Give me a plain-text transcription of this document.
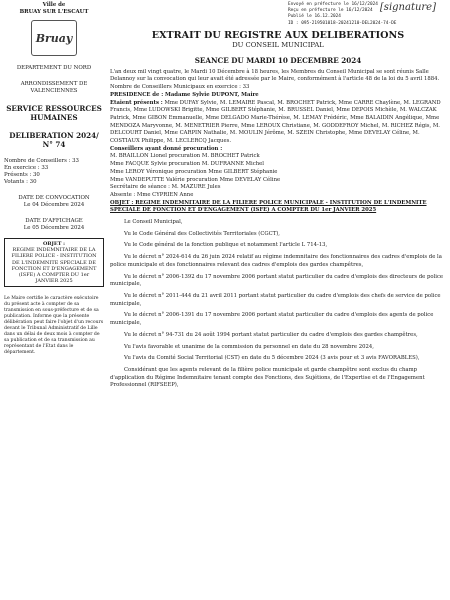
Envoyé en préfecture le 16/12/2024
Reçu en préfecture le 16/12/2024
Publié le 16.12.2024
ID : 095-219501018-20241210-DEL2024-74-DE
[signature]
Ville de
BRUAY SUR L'ESCAUT
Bruay
DEPARTEMENT DU NORD
ARRONDISSEMENT DE VALENCIENNES
SERVICE RESSOURCES HUMAINES
DELIBERATION 2024/
N° 74
Nombre de Conseillers : 33
En exercice : 33
Présents : 30
Votants : 30
DATE DE CONVOCATION
Le 04 Décembre 2024
DATE D'AFFICHAGE
Le 05 Décembre 2024
OBJET :
REGIME INDEMNITAIRE DE LA FILIERE POLICE - INSTITUTION DE L'INDEMNITE SPECIALE DE FONCTION ET D'ENGAGEMENT (ISFE) A COMPTER DU 1er JANVIER 2025
Le Maire certifie le caractère exécutoire du présent acte à compter de sa transmission en sous-préfecture et de sa publication. Informe que la présente délibération peut faire l'objet d'un recours devant le Tribunal Administratif de Lille dans un délai de deux mois à compter de sa publication et de sa transmission au représentant de l'Etat dans le département.
EXTRAIT DU REGISTRE AUX DELIBERATIONS
DU CONSEIL MUNICIPAL
SEANCE DU MARDI 10 DECEMBRE 2024

L'an deux mil vingt quatre, le Mardi 10 Décembre à 18 heures, les Membres du Conseil Municipal se sont réunis Salle Delannoy sur la convocation qui leur avait été adressée par le Maire, conformément à l'article 48 de la loi du 5 avril 1884.

Nombre de Conseillers Municipaux en exercice : 33

PRESIDENCE de : Madame Sylvie DUPONT, Maire

Etaient présents : Mme DUFAY Sylvie, M. LEMAIRE Pascal, M. BROCHET Patrick, Mme CARRE Chaylène, M. LEGRAND Francis, Mme LUDOWSKI Brigitte, Mme GILBERT Stéphanie, M. BRUSSEL Daniel, Mme DEPOIS Michèle, M. WALCZAK Patrick, Mme GIBON Emmanuelle, Mme DELGADO Marie-Thérèse, M. LEMAY Frédéric, Mme BALAIDIN Angélique, Mme MENDOZA Maryvonne, M. MENETRIER Pierre, Mme LEROUX Christiane, M. GODDEFROY Michel, M. RICHEZ Régis, M. DELCOURT Daniel, Mme CARPIN Nathalie, M. MOULIN Jérôme, M. SZEIN Christophe, Mme DEVELAY Céline, M. COSTIAUX Philippe, M. LECLERCQ Jacques.

Conseillers ayant donné procuration :

M. BRAILLON Lionel procuration M. BROCHET Patrick

Mme FACQUE Sylvie procuration M. DUFRANNE Michel

Mme LEROY Véronique procuration Mme GILBERT Stéphanie

Mme VANDEPUTTE Valérie procuration Mme DEVELAY Céline

Secrétaire de séance : M. MAZURE Jules

Absente : Mme CYPRIEN Anne

OBJET : REGIME INDEMNITAIRE DE LA FILIERE POLICE MUNICIPALE - INSTITUTION DE L'INDEMNITE SPECIALE DE FONCTION ET D'ENGAGEMENT (ISFE) A COMPTER DU 1er JANVIER 2025

Le Conseil Municipal,

Vu le Code Général des Collectivités Territoriales (CGCT),

Vu le Code général de la fonction publique et notamment l'article L 714-13,

Vu le décret n° 2024-614 du 26 juin 2024 relatif au régime indemnitaire des fonctionnaires des cadres d'emplois de la police municipale et des fonctionnaires relevant des cadres d'emplois des gardes champêtres,

Vu le décret n° 2006-1392 du 17 novembre 2006 portant statut particulier du cadre d'emplois des directeurs de police municipale,

Vu le décret n° 2011-444 du 21 avril 2011 portant statut particulier du cadre d'emplois des chefs de service de police municipale,

Vu le décret n° 2006-1391 du 17 novembre 2006 portant statut particulier du cadre d'emplois des agents de police municipale,

Vu le décret n° 94-731 du 24 août 1994 portant statut particulier du cadre d'emplois des gardes champêtres,

Vu l'avis favorable et unanime de la commission du personnel en date du 28 novembre 2024,

Vu l'avis du Comité Social Territorial (CST) en date du 5 décembre 2024 (3 avis pour et 3 avis FAVORABLES),

Considérant que les agents relevant de la filière police municipale et garde champêtre sont exclus du champ d'application du Régime Indemnitaire tenant compte des Fonctions, des Sujétions, de l'Expertise et de l'Engagement Professionnel (RIFSEEP),
